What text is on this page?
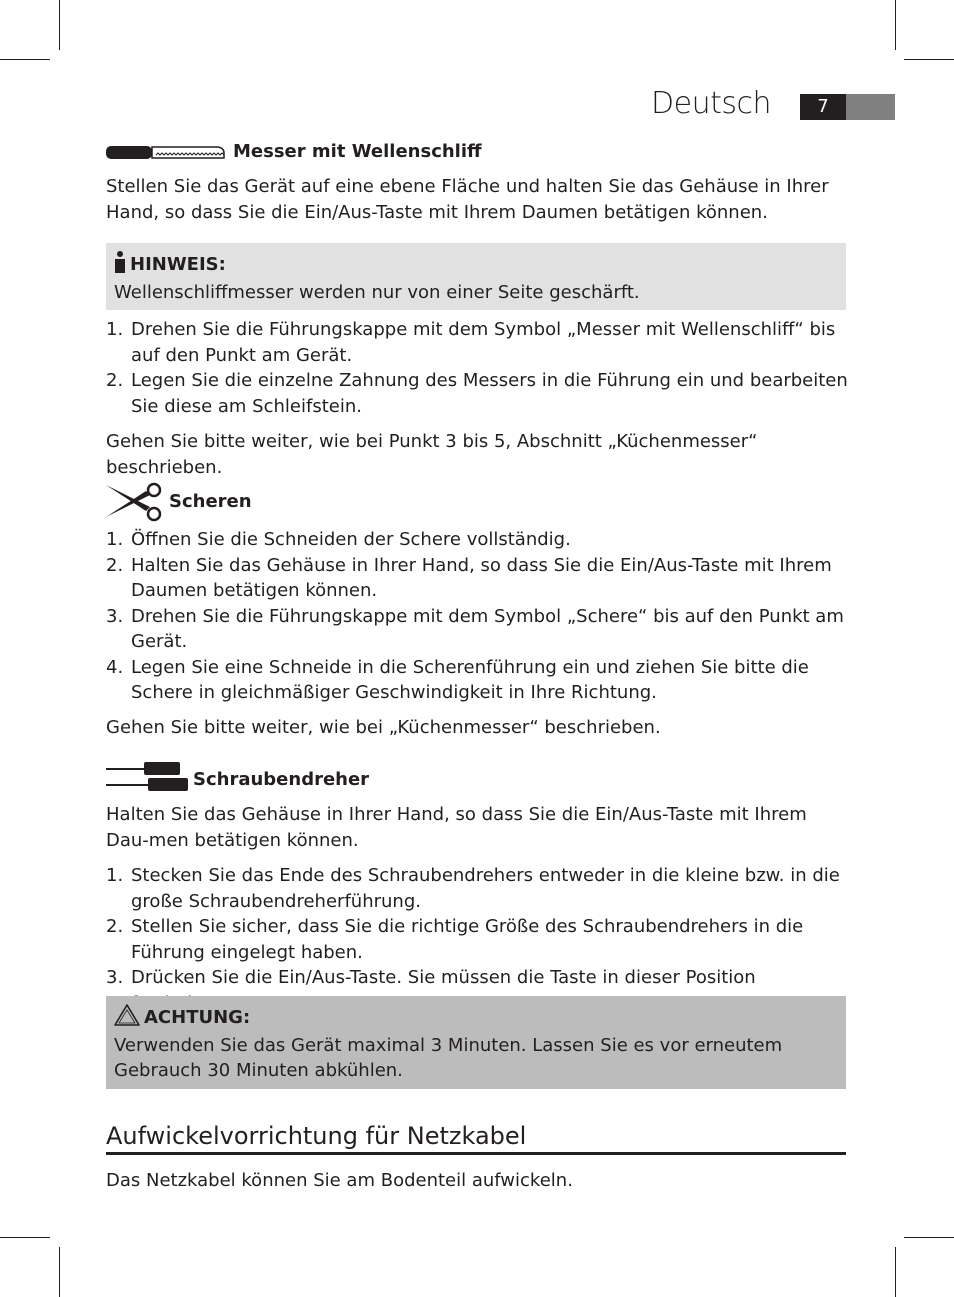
Deutsch	7
Messer mit Wellenschliff
Stellen Sie das Gerät auf eine ebene Fläche und halten Sie das Gehäuse in Ihrer Hand, so dass Sie die Ein/Aus-Taste mit Ihrem Daumen betätigen können.
HINWEIS:
Wellenschliffmesser werden nur von einer Seite geschärft.
1. Drehen Sie die Führungskappe mit dem Symbol „Messer mit Wellenschliff“ bis auf den Punkt am Gerät.
2. Legen Sie die einzelne Zahnung des Messers in die Führung ein und bearbeiten Sie diese am Schleifstein.
Gehen Sie bitte weiter, wie bei Punkt 3 bis 5, Abschnitt „Küchenmesser“ beschrieben.
Scheren
1. Öffnen Sie die Schneiden der Schere vollständig.
2. Halten Sie das Gehäuse in Ihrer Hand, so dass Sie die Ein/Aus-Taste mit Ihrem Daumen betätigen können.
3. Drehen Sie die Führungskappe mit dem Symbol „Schere“ bis auf den Punkt am Gerät.
4. Legen Sie eine Schneide in die Scherenführung ein und ziehen Sie bitte die Schere in gleichmäßiger Geschwindigkeit in Ihre Richtung.
Gehen Sie bitte weiter, wie bei „Küchenmesser“ beschrieben.
Schraubendreher
Halten Sie das Gehäuse in Ihrer Hand, so dass Sie die Ein/Aus-Taste mit Ihrem Dau-men betätigen können.
1. Stecken Sie das Ende des Schraubendrehers entweder in die kleine bzw. in die große Schraubendreherführung.
2. Stellen Sie sicher, dass Sie die richtige Größe des Schraubendrehers in die Führung eingelegt haben.
3. Drücken Sie die Ein/Aus-Taste. Sie müssen die Taste in dieser Position
ACHTUNG:
Verwenden Sie das Gerät maximal 3 Minuten. Lassen Sie es vor erneutem Gebrauch 30 Minuten abkühlen.
Aufwickelvorrichtung für Netzkabel
Das Netzkabel können Sie am Bodenteil aufwickeln.
